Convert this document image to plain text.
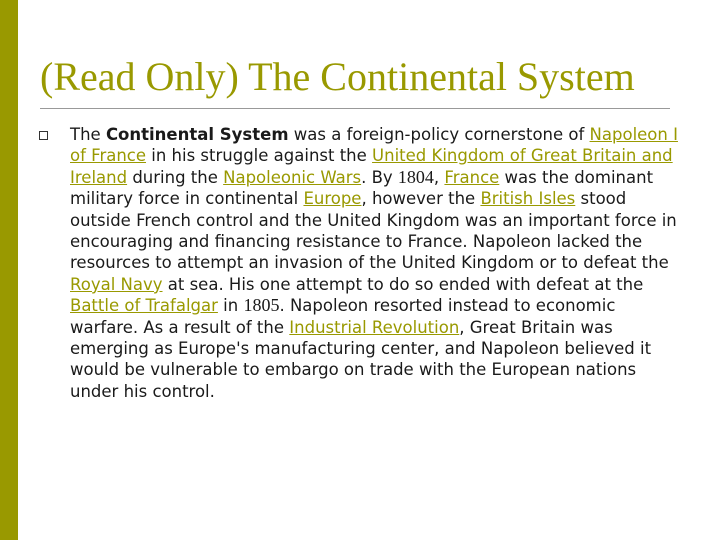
(Read Only) The Continental System

The Continental System was a foreign-policy cornerstone of Napoleon I of France in his struggle against the United Kingdom of Great Britain and Ireland during the Napoleonic Wars. By 1804, France was the dominant military force in continental Europe, however the British Isles stood outside French control and the United Kingdom was an important force in encouraging and financing resistance to France. Napoleon lacked the resources to attempt an invasion of the United Kingdom or to defeat the Royal Navy at sea. His one attempt to do so ended with defeat at the Battle of Trafalgar in 1805. Napoleon resorted instead to economic warfare. As a result of the Industrial Revolution, Great Britain was emerging as Europe's manufacturing center, and Napoleon believed it would be vulnerable to embargo on trade with the European nations under his control.
